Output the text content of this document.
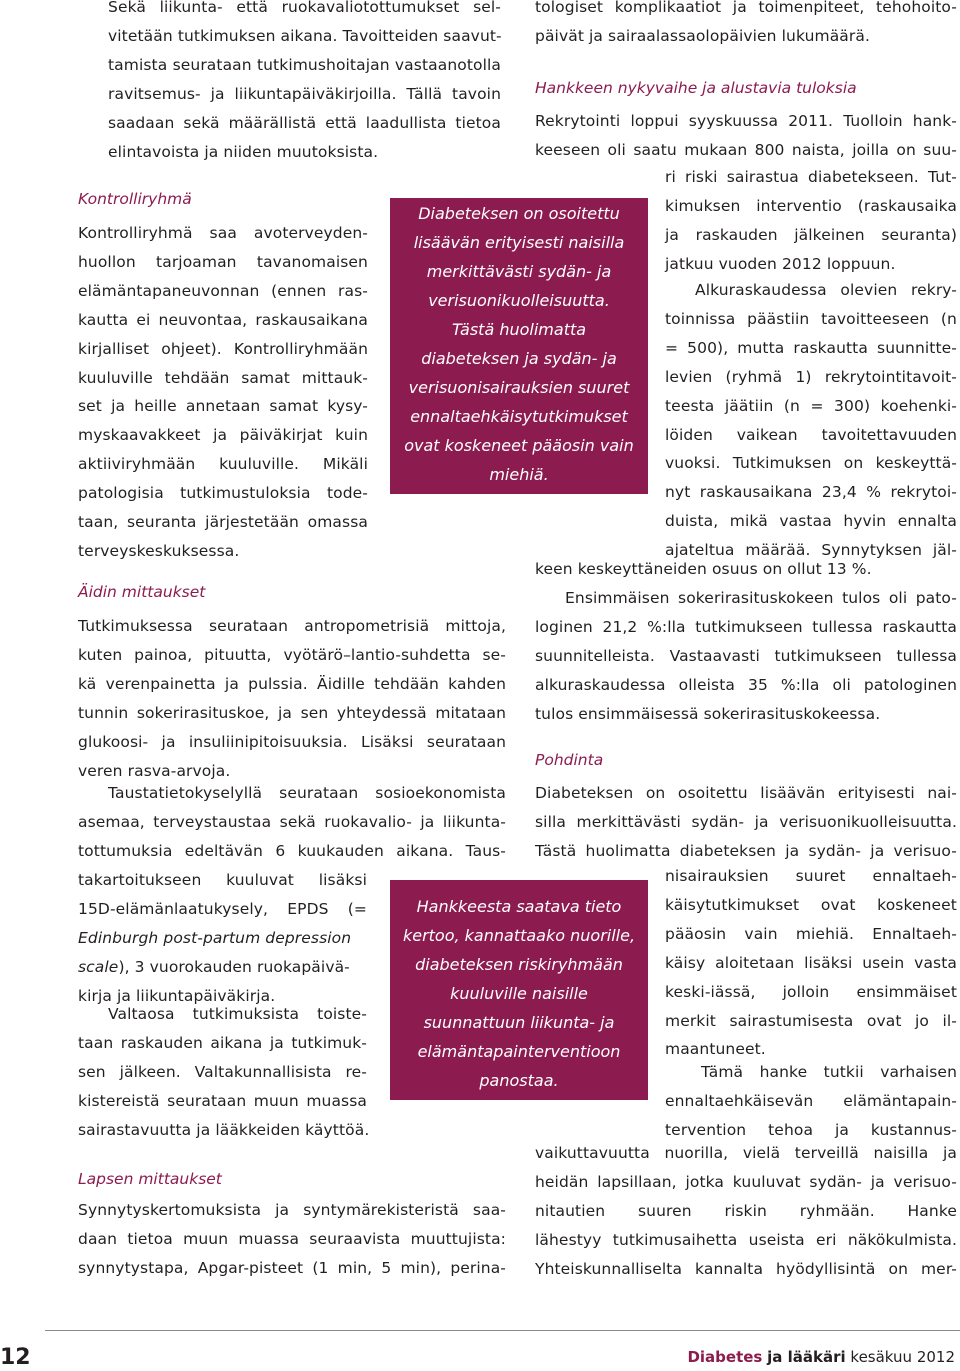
Sekä liikunta- että ruokavaliotottumukset sel-
vitetään tutkimuksen aikana. Tavoitteiden saavut-
tamista seurataan tutkimushoitajan vastaanotolla
ravitsemus- ja liikuntapäiväkirjoilla. Tällä tavoin
saadaan sekä määrällistä että laadullista tietoa
elintavoista ja niiden muutoksista.
Kontrolliryhmä
Kontrolliryhmä saa avoterveyden-
huollon tarjoaman tavanomaisen
elämäntapaneuvonnan (ennen ras-
kautta ei neuvontaa, raskausaikana
kirjalliset ohjeet). Kontrolliryhmään
kuuluville tehdään samat mittauk-
set ja heille annetaan samat kysy-
myskaavakkeet ja päiväkirjat kuin
aktiiviryhmään kuuluville. Mikäli
patologisia tutkimustuloksia tode-
taan, seuranta järjestetään omassa
terveyskeskuksessa.
Äidin mittaukset
Tutkimuksessa seurataan antropometrisiä mittoja,
kuten painoa, pituutta, vyötärö–lantio-suhdetta se-
kä verenpainetta ja pulssia. Äidille tehdään kahden
tunnin sokerirasituskoe, ja sen yhteydessä mitataan
glukoosi- ja insuliinipitoisuuksia. Lisäksi seurataan
veren rasva-arvoja.
Taustatietokyselyllä seurataan sosioekonomista
asemaa, terveystaustaa sekä ruokavalio- ja liikunta-
tottumuksia edeltävän 6 kuukauden aikana. Taus-
takartoitukseen kuuluvat lisäksi
15D-elämänlaatukysely, EPDS (=
Edinburgh post-partum depression
scale), 3 vuorokauden ruokapäivä-
kirja ja liikuntapäiväkirja.
Valtaosa tutkimuksista toiste-
taan raskauden aikana ja tutkimuk-
sen jälkeen. Valtakunnallisista re-
kistereistä seurataan muun muassa
sairastavuutta ja lääkkeiden käyttöä.
Lapsen mittaukset
Synnytyskertomuksista ja syntymärekisteristä saa-
daan tietoa muun muassa seuraavista muuttujista:
synnytystapa, Apgar-pisteet (1 min, 5 min), perina-
tologiset komplikaatiot ja toimenpiteet, tehohoito-
päivät ja sairaalassaolopäivien lukumäärä.
Hankkeen nykyvaihe ja alustavia tuloksia
Rekrytointi loppui syyskuussa 2011. Tuolloin hank-
keeseen oli saatu mukaan 800 naista, joilla on suu-
ri riski sairastua diabetekseen. Tut-
kimuksen interventio (raskausaika
ja raskauden jälkeinen seuranta)
jatkuu vuoden 2012 loppuun.
Alkuraskaudessa olevien rekry-
toinnissa päästiin tavoitteeseen (n
= 500), mutta raskautta suunnitte-
levien (ryhmä 1) rekrytointitavoit-
teesta jäätiin (n = 300) koehenki-
löiden vaikean tavoitettavuuden
vuoksi. Tutkimuksen on keskeyttä-
nyt raskausaikana 23,4 % rekrytoi-
duista, mikä vastaa hyvin ennalta
ajateltua määrää. Synnytyksen jäl-
keen keskeyttäneiden osuus on ollut 13 %.
Ensimmäisen sokerirasituskokeen tulos oli pato-
loginen 21,2 %:lla tutkimukseen tullessa raskautta
suunnitelleista. Vastaavasti tutkimukseen tullessa
alkuraskaudessa olleista 35 %:lla oli patologinen
tulos ensimmäisessä sokerirasituskokeessa.
Pohdinta
Diabeteksen on osoitettu lisäävän erityisesti nai-
silla merkittävästi sydän- ja verisuonikuolleisuutta.
Tästä huolimatta diabeteksen ja sydän- ja verisuo-
nisairauksien suuret ennaltaeh-
käisytutkimukset ovat koskeneet
pääosin vain miehiä. Ennaltaeh-
käisy aloitetaan lisäksi usein vasta
keski-iässä, jolloin ensimmäiset
merkit sairastumisesta ovat jo il-
maantuneet.
Tämä hanke tutkii varhaisen
ennaltaehkäisevän elämäntapain-
tervention tehoa ja kustannus-
vaikuttavuutta nuorilla, vielä terveillä naisilla ja
heidän lapsillaan, jotka kuuluvat sydän- ja verisuo-
nitautien suuren riskin ryhmään. Hanke
lähestyy tutkimusaihetta useista eri näkökulmista.
Yhteiskunnalliselta kannalta hyödyllisintä on mer-
Diabeteksen on osoitettu
lisäävän erityisesti naisilla
merkittävästi sydän- ja
verisuonikuolleisuutta.
Tästä huolimatta
diabeteksen ja sydän- ja
verisuonisairauksien suuret
ennaltaehkäisytutkimukset
ovat koskeneet pääosin vain
miehiä.
Hankkeesta saatava tieto
kertoo, kannattaako nuorille,
diabeteksen riskiryhmään
kuuluville naisille
suunnattuun liikunta- ja
elämäntapainterventioon
panostaa.
12	Diabetes ja lääkäri kesäkuu 2012
